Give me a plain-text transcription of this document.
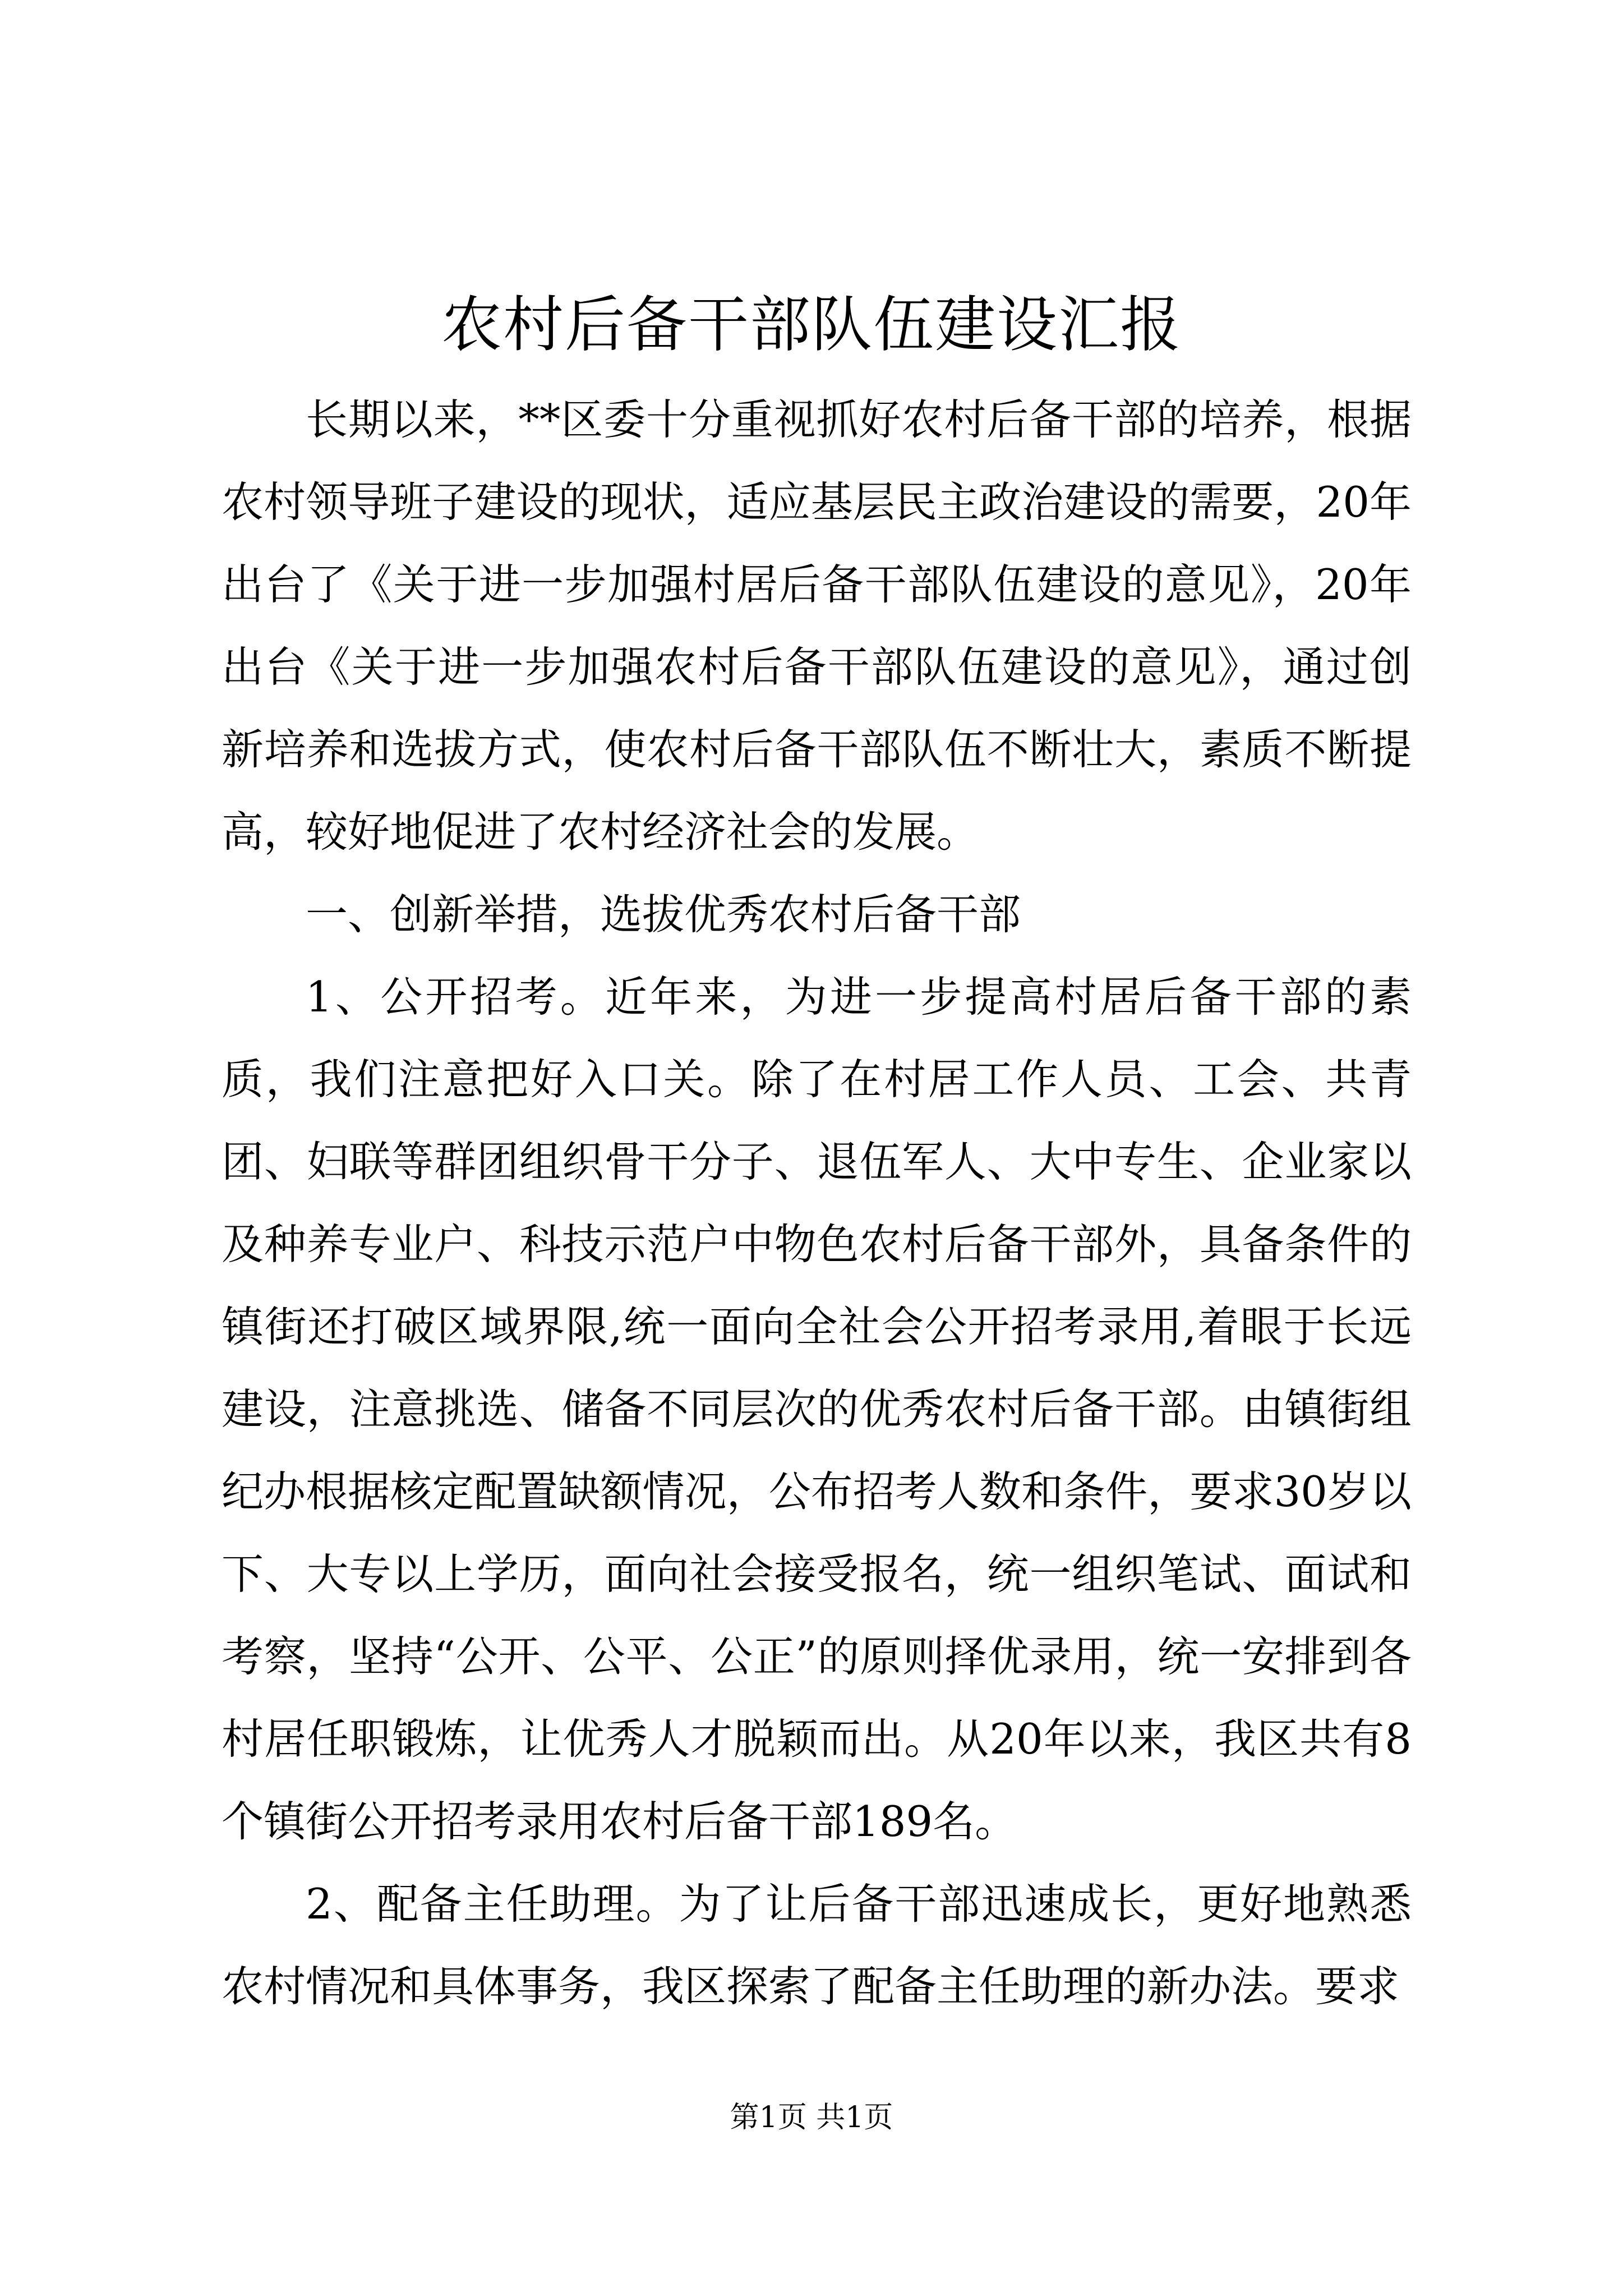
农村后备干部队伍建设汇报

长期以来，**区委十分重视抓好农村后备干部的培养，根据农村领导班子建设的现状，适应基层民主政治建设的需要，20年出台了《关于进一步加强村居后备干部队伍建设的意见》，20年出台《关于进一步加强农村后备干部队伍建设的意见》，通过创新培养和选拔方式，使农村后备干部队伍不断壮大，素质不断提高，较好地促进了农村经济社会的发展。

一、创新举措，选拔优秀农村后备干部

1、公开招考。近年来，为进一步提高村居后备干部的素质，我们注意把好入口关。除了在村居工作人员、工会、共青团、妇联等群团组织骨干分子、退伍军人、大中专生、企业家以及种养专业户、科技示范户中物色农村后备干部外，具备条件的镇街还打破区域界限,统一面向全社会公开招考录用,着眼于长远建设，注意挑选、储备不同层次的优秀农村后备干部。由镇街组纪办根据核定配置缺额情况，公布招考人数和条件，要求30岁以下、大专以上学历，面向社会接受报名，统一组织笔试、面试和考察，坚持“公开、公平、公正”的原则择优录用，统一安排到各村居任职锻炼，让优秀人才脱颖而出。从20年以来，我区共有8个镇街公开招考录用农村后备干部189名。

2、配备主任助理。为了让后备干部迅速成长，更好地熟悉农村情况和具体事务，我区探索了配备主任助理的新办法。要求

第1页 共1页
